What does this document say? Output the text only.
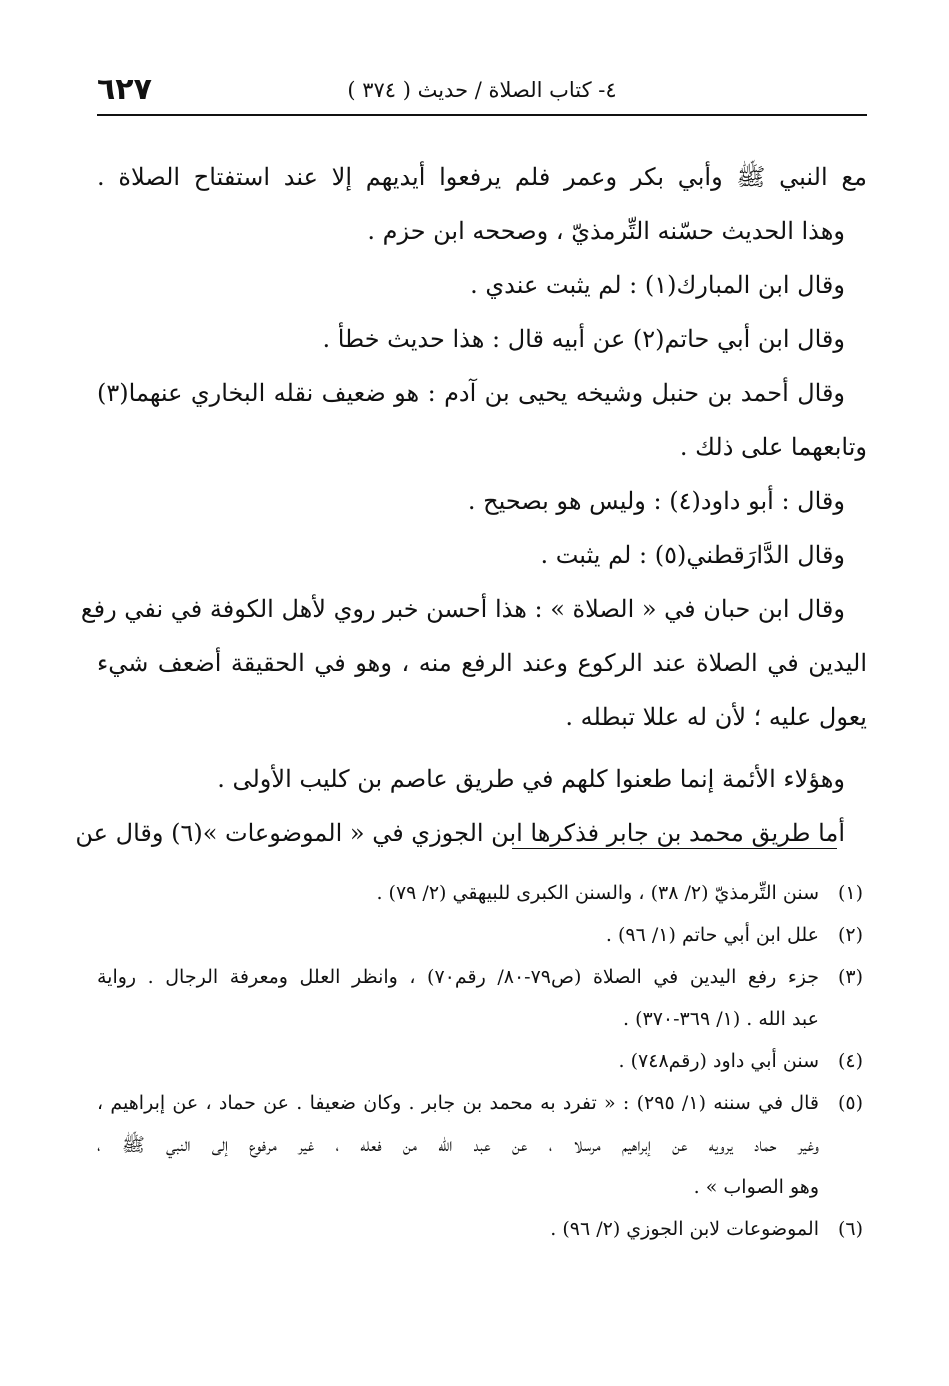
٦٢٧	٤- كتاب الصلاة / حديث ( ٣٧٤ )
مع النبي ﷺ وأبي بكر وعمر فلم يرفعوا أيديهم إلا عند استفتاح الصلاة .
وهذا الحديث حسّنه التِّرمذيّ ، وصححه ابن حزم .
وقال ابن المبارك(١) : لم يثبت عندي .
وقال ابن أبي حاتم(٢) عن أبيه قال : هذا حديث خطأ .
وقال أحمد بن حنبل وشيخه يحيى بن آدم : هو ضعيف نقله البخاري عنهما(٣)
وتابعهما على ذلك .
وقال : أبو داود(٤) : وليس هو بصحيح .
وقال الدَّارَقطني(٥) : لم يثبت .
وقال ابن حبان في « الصلاة » : هذا أحسن خبر روي لأهل الكوفة في نفي رفع
اليدين في الصلاة عند الركوع وعند الرفع منه ، وهو في الحقيقة أضعف شيء
يعول عليه ؛ لأن له عللا تبطله .
وهؤلاء الأئمة إنما طعنوا كلهم في طريق عاصم بن كليب الأولى .
أما طريق محمد بن جابر فذكرها ابن الجوزي في « الموضوعات »(٦) وقال عن
(١)
سنن التِّرمذيّ (٢/ ٣٨) ، والسنن الكبرى للبيهقي (٢/ ٧٩) .
(٢)
علل ابن أبي حاتم (١/ ٩٦) .
(٣)
جزء رفع اليدين في الصلاة (ص٧٩-٨٠/ رقم٧٠) ، وانظر العلل ومعرفة الرجال . رواية
عبد الله . (١/ ٣٦٩-٣٧٠) .
(٤)
سنن أبي داود (رقم٧٤٨) .
(٥)
قال في سننه (١/ ٢٩٥) : « تفرد به محمد بن جابر . وكان ضعيفا . عن حماد ، عن إبراهيم ،
وغير حماد يرويه عن إبراهيم مرسلا ، عن عبد الله من فعله ، غير مرفوع إلى النبي ﷺ ،
وهو الصواب » .
(٦)
الموضوعات لابن الجوزي (٢/ ٩٦) .
